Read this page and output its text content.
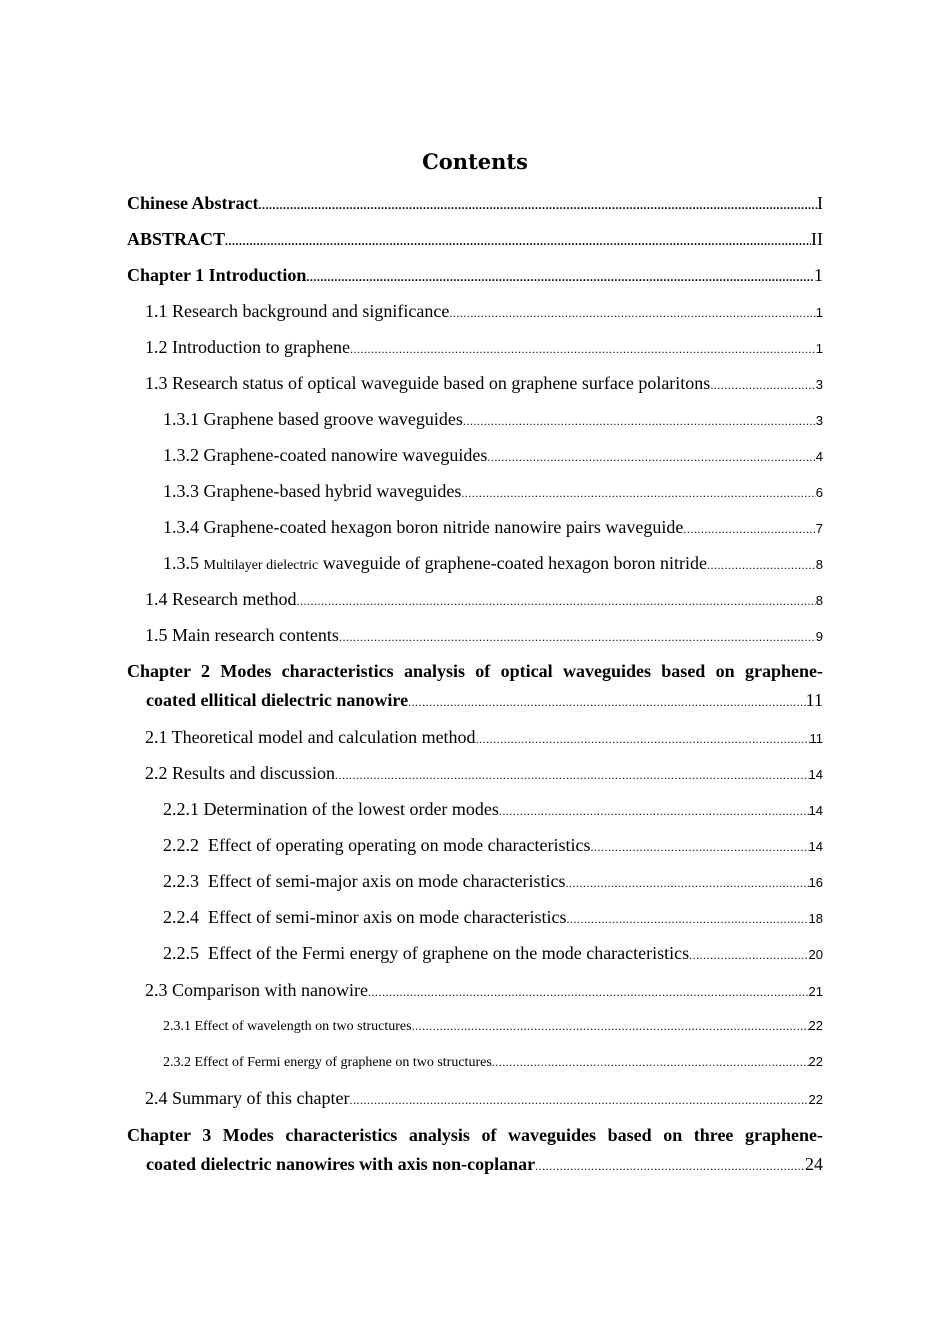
Contents
Chinese Abstract .....	I
ABSTRACT .....	II
Chapter 1 Introduction .....	1
1.1 Research background and significance .....	1
1.2 Introduction to graphene .....	1
1.3 Research status of optical waveguide based on graphene surface polaritons .....	3
1.3.1 Graphene based groove waveguides .....	3
1.3.2 Graphene-coated nanowire waveguides .....	4
1.3.3 Graphene-based hybrid waveguides .....	6
1.3.4 Graphene-coated hexagon boron nitride nanowire pairs waveguide .....	7
1.3.5 Multilayer dielectric waveguide of graphene-coated hexagon boron nitride .....	8
1.4 Research method .....	8
1.5 Main research contents .....	9
Chapter 2 Modes characteristics analysis of optical waveguides based on graphene-
coated ellitical dielectric nanowire .....	11
2.1 Theoretical model and calculation method .....	11
2.2 Results and discussion .....	14
2.2.1 Determination of the lowest order modes .....	14
2.2.2  Effect of operating operating on mode characteristics .....	14
2.2.3  Effect of semi-major axis on mode characteristics .....	16
2.2.4  Effect of semi-minor axis on mode characteristics .....	18
2.2.5  Effect of the Fermi energy of graphene on the mode characteristics .....	20
2.3 Comparison with nanowire .....	21
2.3.1 Effect of wavelength on two structures .....	22
2.3.2 Effect of Fermi energy of graphene on two structures .....	22
2.4 Summary of this chapter .....	22
Chapter 3 Modes characteristics analysis of waveguides based on three graphene-
coated dielectric nanowires with axis non-coplanar .....	24
